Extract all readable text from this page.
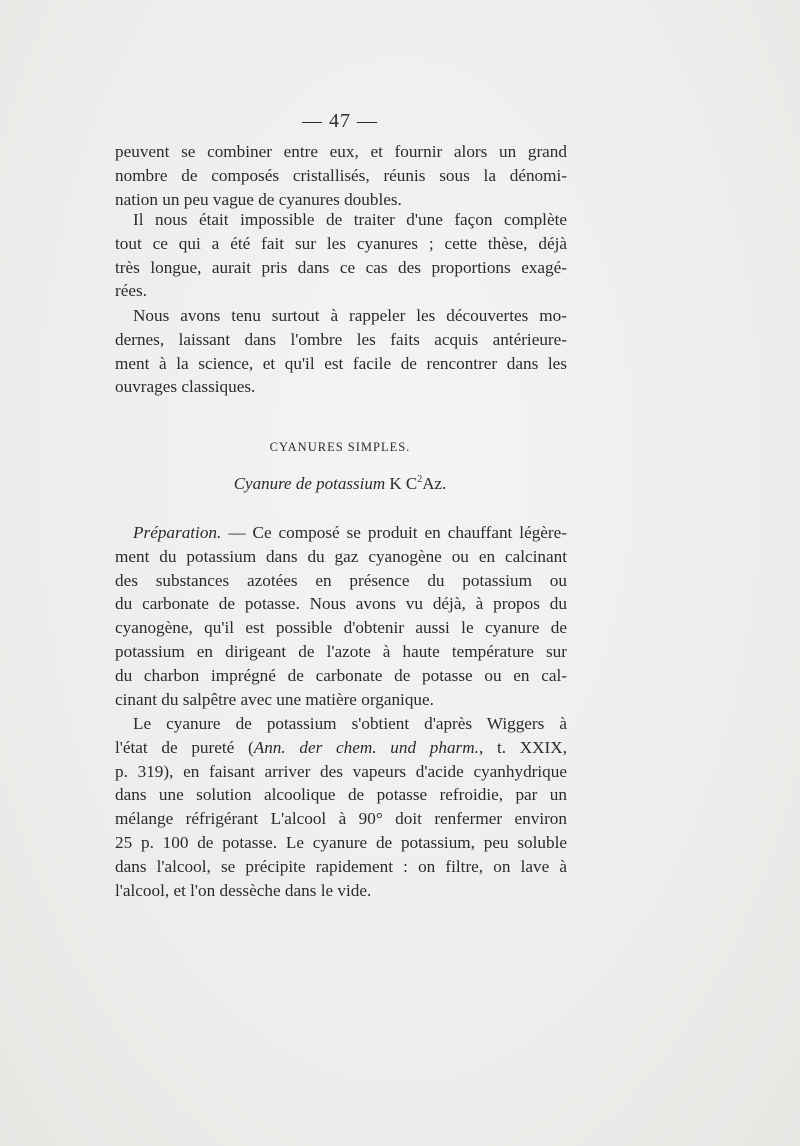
— 47 —
peuvent se combiner entre eux, et fournir alors un grand
nombre de composés cristallisés, réunis sous la dénomi-
nation un peu vague de cyanures doubles.
Il nous était impossible de traiter d'une façon complète
tout ce qui a été fait sur les cyanures ; cette thèse, déjà
très longue, aurait pris dans ce cas des proportions exagé-
rées.
Nous avons tenu surtout à rappeler les découvertes mo-
dernes, laissant dans l'ombre les faits acquis antérieure-
ment à la science, et qu'il est facile de rencontrer dans les
ouvrages classiques.
CYANURES SIMPLES.
Cyanure de potassium K $C^2Az$.
Préparation. — Ce composé se produit en chauffant légère-
ment du potassium dans du gaz cyanogène ou en calcinant
des substances azotées en présence du potassium ou
du carbonate de potasse. Nous avons vu déjà, à propos du
cyanogène, qu'il est possible d'obtenir aussi le cyanure de
potassium en dirigeant de l'azote à haute température sur
du charbon imprégné de carbonate de potasse ou en cal-
cinant du salpêtre avec une matière organique.
Le cyanure de potassium s'obtient d'après Wiggers à
l'état de pureté (Ann. der chem. und pharm., t. XXIX,
p. 319), en faisant arriver des vapeurs d'acide cyanhydrique
dans une solution alcoolique de potasse refroidie, par un
mélange réfrigérant L'alcool à 90° doit renfermer environ
25 p. 100 de potasse. Le cyanure de potassium, peu soluble
dans l'alcool, se précipite rapidement : on filtre, on lave à
l'alcool, et l'on dessèche dans le vide.
